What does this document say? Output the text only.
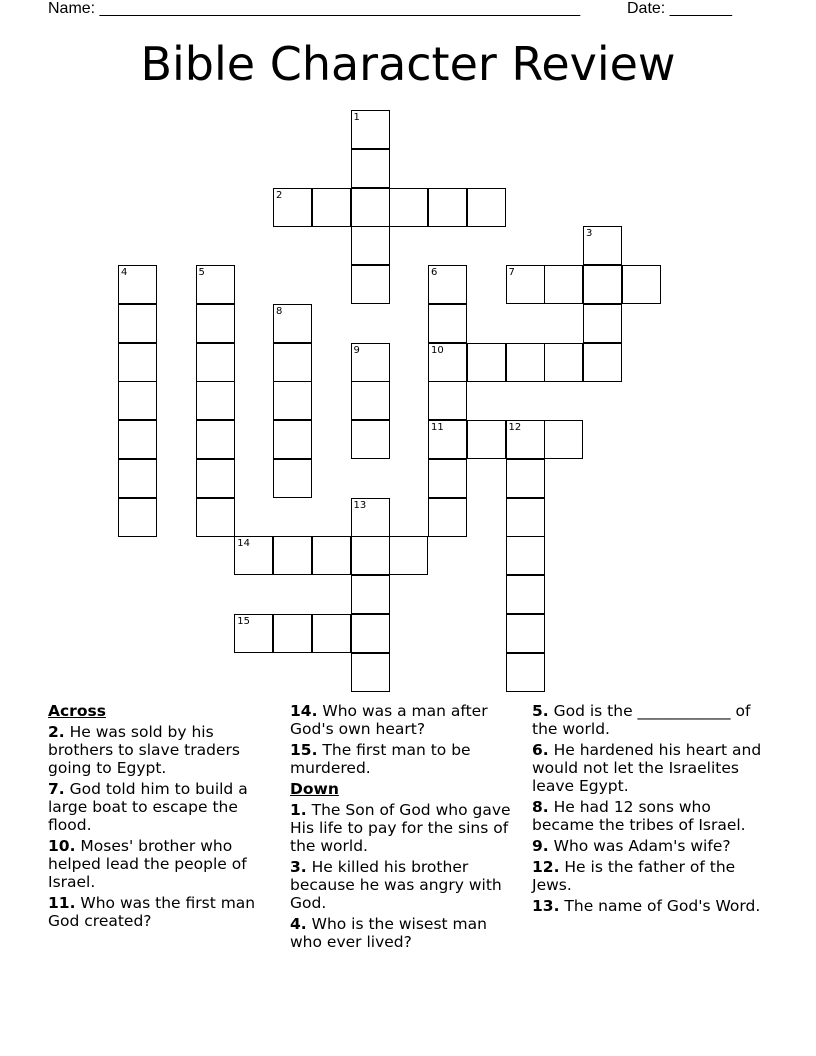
Name: ______________________________________________________	Date: _______
Bible Character Review
1
2
3
4	5	6
10
11
7
8
9
12
13
14
15
Across
2. He was sold by his brothers to slave traders going to Egypt.
7. God told him to build a large boat to escape the flood.
10. Moses' brother who helped lead the people of Israel.
11. Who was the first man God created?
14. Who was a man after God's own heart?
15. The first man to be murdered.
Down
1. The Son of God who gave His life to pay for the sins of the world.
3. He killed his brother because he was angry with God.
4. Who is the wisest man who ever lived?
5. God is the ____________ of the world.
6. He hardened his heart and would not let the Israelites leave Egypt.
8. He had 12 sons who became the tribes of Israel.
9. Who was Adam's wife?
12. He is the father of the Jews.
13. The name of God's Word.
